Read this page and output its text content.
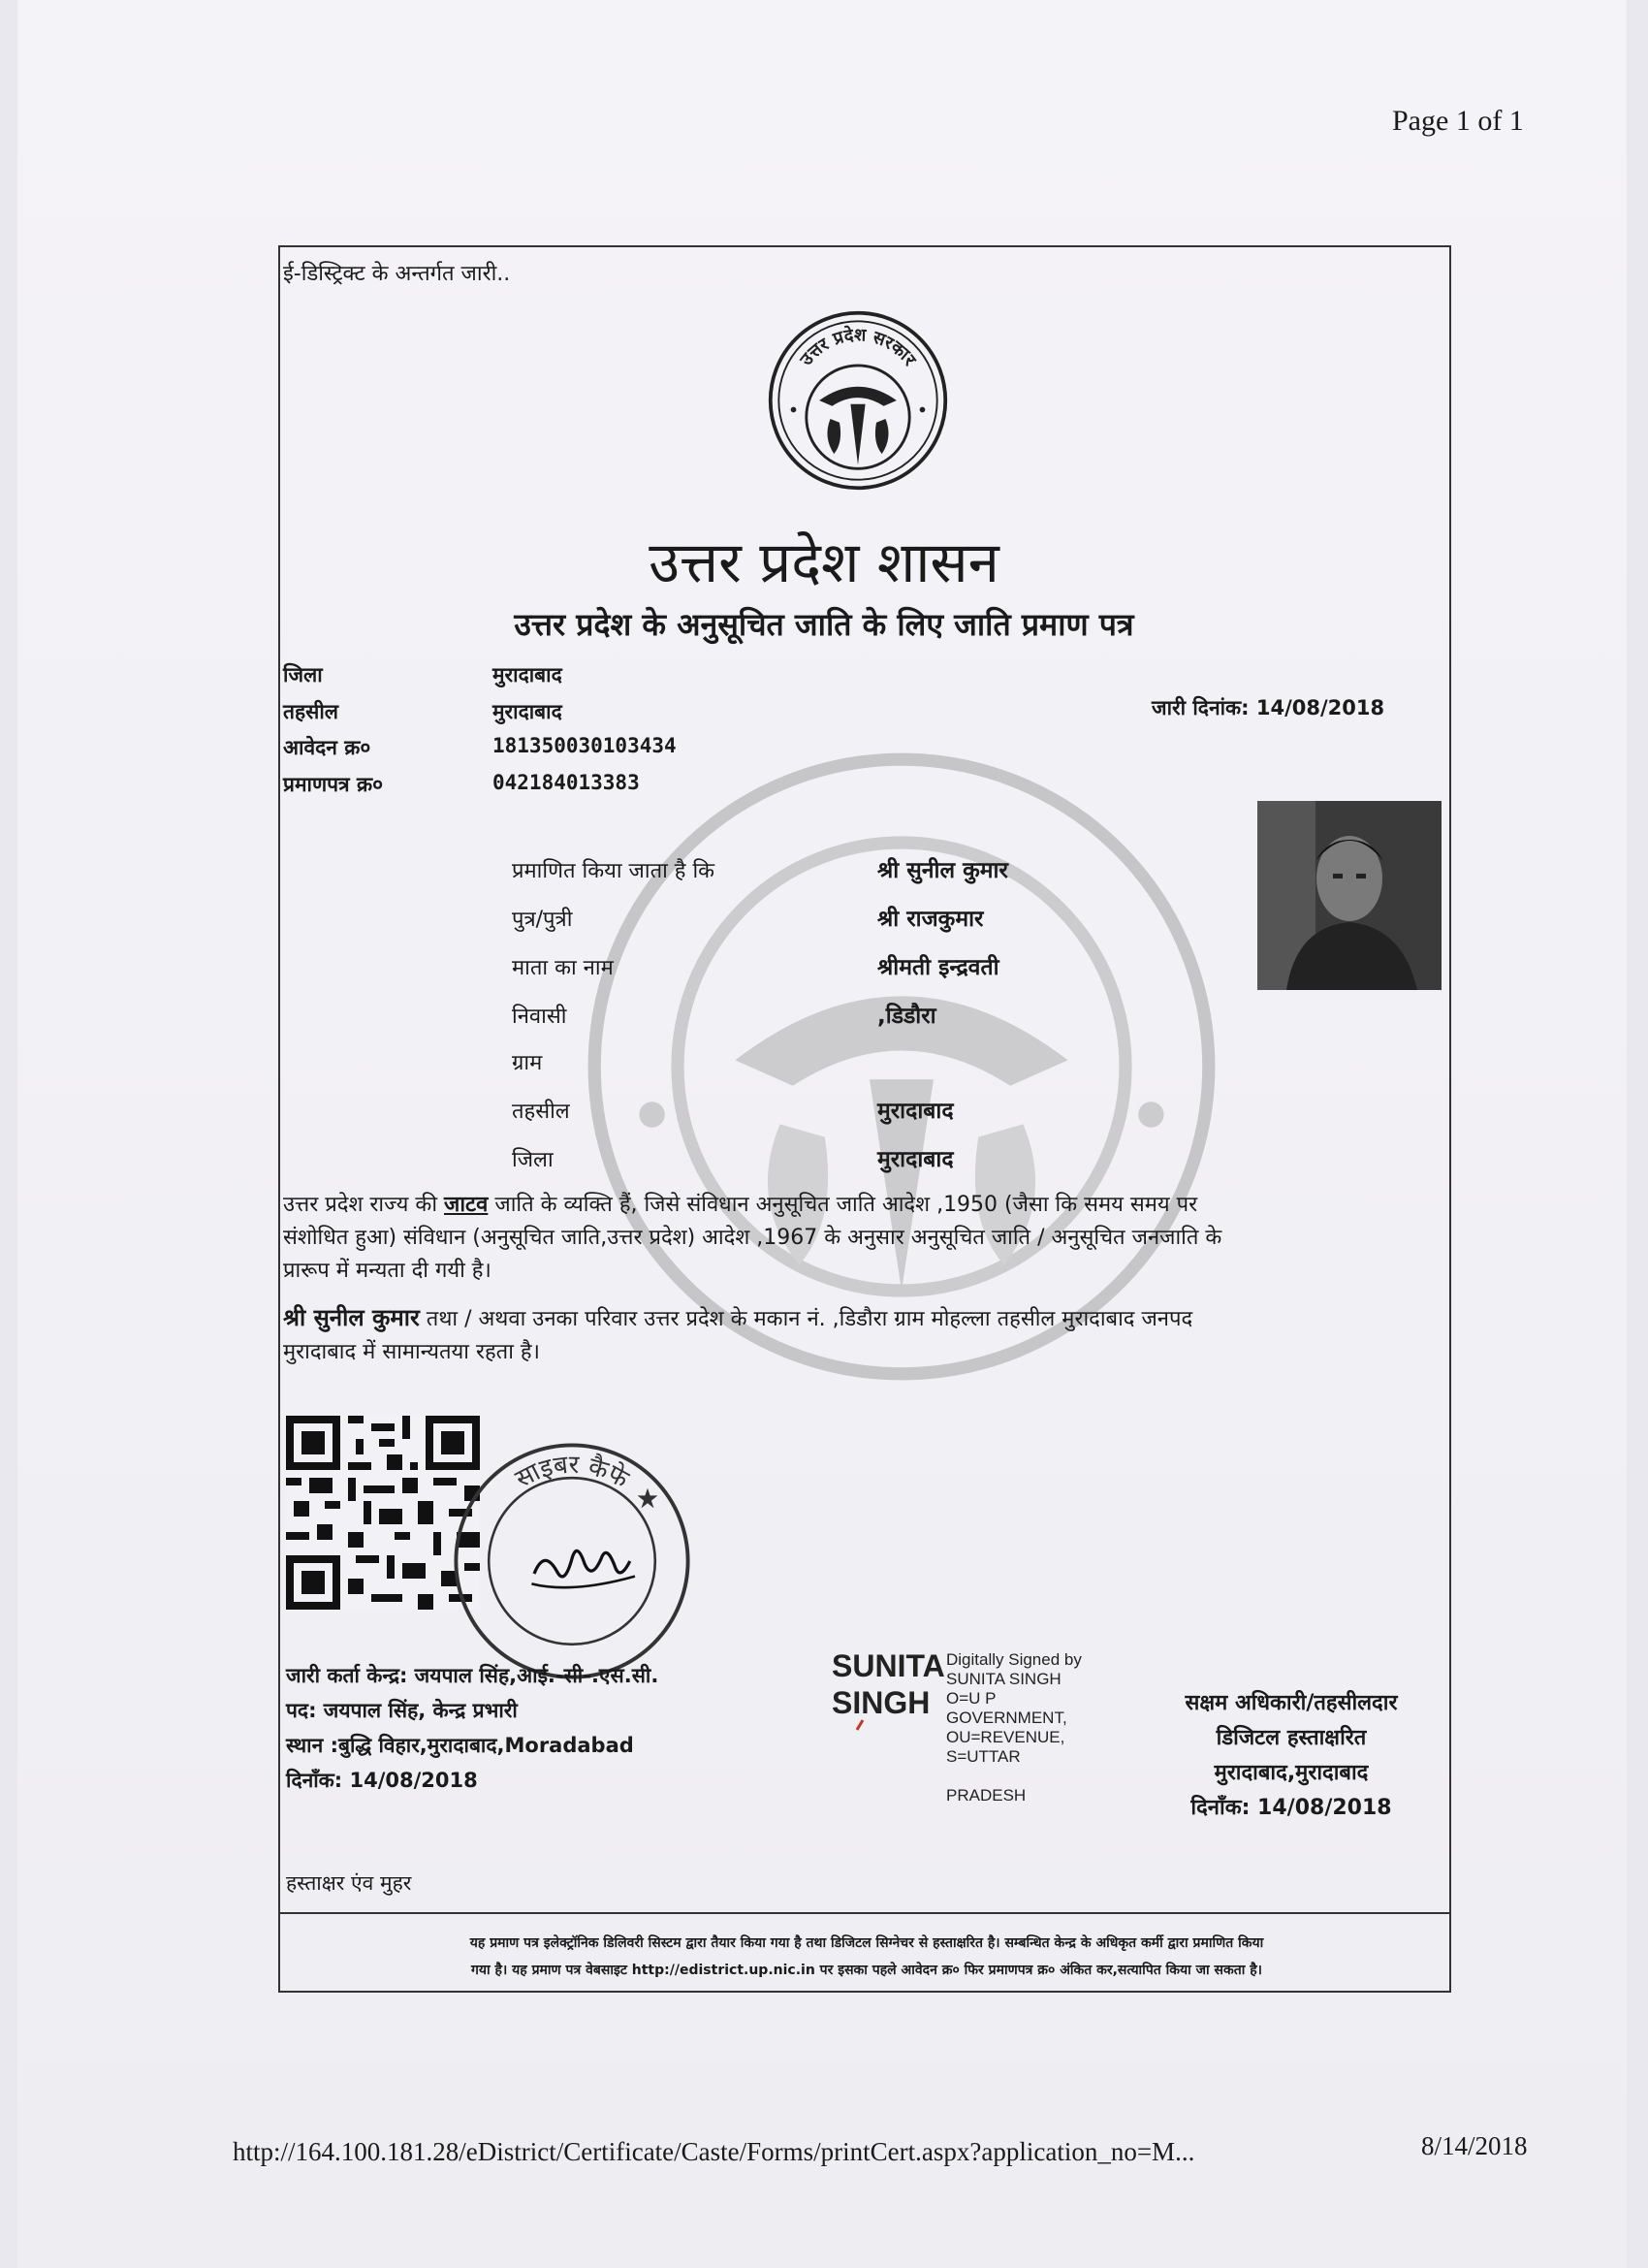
Page 1 of 1
ई-डिस्ट्रिक्ट के अन्तर्गत जारी..
उत्तर प्रदेश सरकार
उत्तर प्रदेश शासन
उत्तर प्रदेश के अनुसूचित जाति के लिए जाति प्रमाण पत्र
जिला	मुरादाबाद
तहसील	मुरादाबाद
आवेदन क्र०	181350030103434
प्रमाणपत्र क्र०	042184013383
जारी दिनांक: 14/08/2018
प्रमाणित किया जाता है कि	श्री सुनील कुमार
पुत्र/पुत्री	श्री राजकुमार
माता का नाम	श्रीमती इन्द्रवती
निवासी	,डिडौरा
ग्राम
तहसील	मुरादाबाद
जिला	मुरादाबाद
उत्तर प्रदेश राज्य की जाटव जाति के व्यक्ति हैं, जिसे संविधान अनुसूचित जाति आदेश ,1950 (जैसा कि समय समय पर
संशोधित हुआ) संविधान (अनुसूचित जाति,उत्तर प्रदेश) आदेश ,1967 के अनुसार अनुसूचित जाति / अनुसूचित जनजाति के
प्रारूप में मन्यता दी गयी है।
श्री सुनील कुमार तथा / अथवा उनका परिवार उत्तर प्रदेश के मकान नं. ,डिडौरा ग्राम मोहल्ला तहसील मुरादाबाद जनपद
मुरादाबाद में सामान्यतया रहता है।
साइबर कैफे
जारी कर्ता केन्द्र: जयपाल सिंह,आई.-सी-.एस.सी.
पद: जयपाल सिंह, केन्द्र प्रभारी
स्थान :बुद्धि विहार,मुरादाबाद,Moradabad
दिनाँक: 14/08/2018
SUNITA
SINGH
Digitally Signed by
SUNITA SINGH
O=U P
GOVERNMENT,
OU=REVENUE,
S=UTTAR
PRADESH
सक्षम अधिकारी/तहसीलदार
डिजिटल हस्ताक्षरित
मुरादाबाद,मुरादाबाद
दिनाँक: 14/08/2018
हस्ताक्षर एंव मुहर
यह प्रमाण पत्र इलेक्ट्रॉनिक डिलिवरी सिस्टम द्वारा तैयार किया गया है तथा डिजिटल सिग्नेचर से हस्ताक्षरित है। सम्बन्धित केन्द्र के अधिकृत कर्मी द्वारा प्रमाणित किया
गया है। यह प्रमाण पत्र वेबसाइट http://edistrict.up.nic.in पर इसका पहले आवेदन क्र० फिर प्रमाणपत्र क्र० अंकित कर,सत्यापित किया जा सकता है।
http://164.100.181.28/eDistrict/Certificate/Caste/Forms/printCert.aspx?application_no=M...	8/14/2018
